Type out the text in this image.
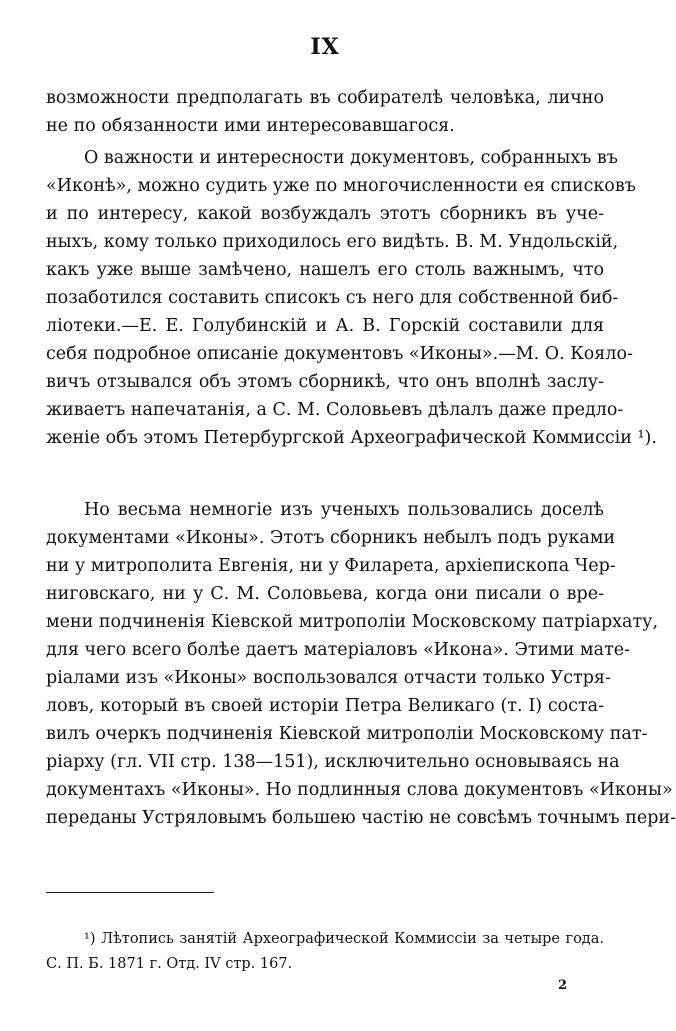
IX
возможности предполагать въ собирателѣ человѣка, лично
не по обязанности ими интересовавшагося.
О важности и интересности документовъ, собранныхъ въ
«Иконѣ», можно судить уже по многочисленности ея списковъ
и по интересу, какой возбуждалъ этотъ сборникъ въ уче-
ныхъ, кому только приходилось его видѣть. В. М. Ундольскій,
какъ уже выше замѣчено, нашелъ его столь важнымъ, что
позаботился составить списокъ съ него для собственной биб-
ліотеки.—Е. Е. Голубинскій и А. В. Горскій составили для
себя подробное описаніе документовъ «Иконы».—М. О. Кояло-
вичъ отзывался объ этомъ сборникѣ, что онъ вполнѣ заслу-
живаетъ напечатанія, а С. М. Соловьевъ дѣлалъ даже предло-
женіе объ этомъ Петербургской Археографической Коммиссіи ¹).
Но весьма немногіе изъ ученыхъ пользовались доселѣ
документами «Иконы». Этотъ сборникъ небылъ подъ руками
ни у митрополита Евгенія, ни у Филарета, архіепископа Чер-
ниговскаго, ни у С. М. Соловьева, когда они писали о вре-
мени подчиненія Кіевской митрополіи Московскому патріархату,
для чего всего болѣе даетъ матеріаловъ «Икона». Этими мате-
ріалами изъ «Иконы» воспользовался отчасти только Устря-
ловъ, который въ своей исторіи Петра Великаго (т. I) соста-
вилъ очеркъ подчиненія Кіевской митрополіи Московскому пат-
ріарху (гл. VII стр. 138—151), исключительно основываясь на
документахъ «Иконы». Но подлинныя слова документовъ «Иконы»
переданы Устряловымъ большею частію не совсѣмъ точнымъ пери-
¹) Лѣтопись занятій Археографической Коммиссіи за четыре года.
С. П. Б. 1871 г. Отд. IV стр. 167.
2
